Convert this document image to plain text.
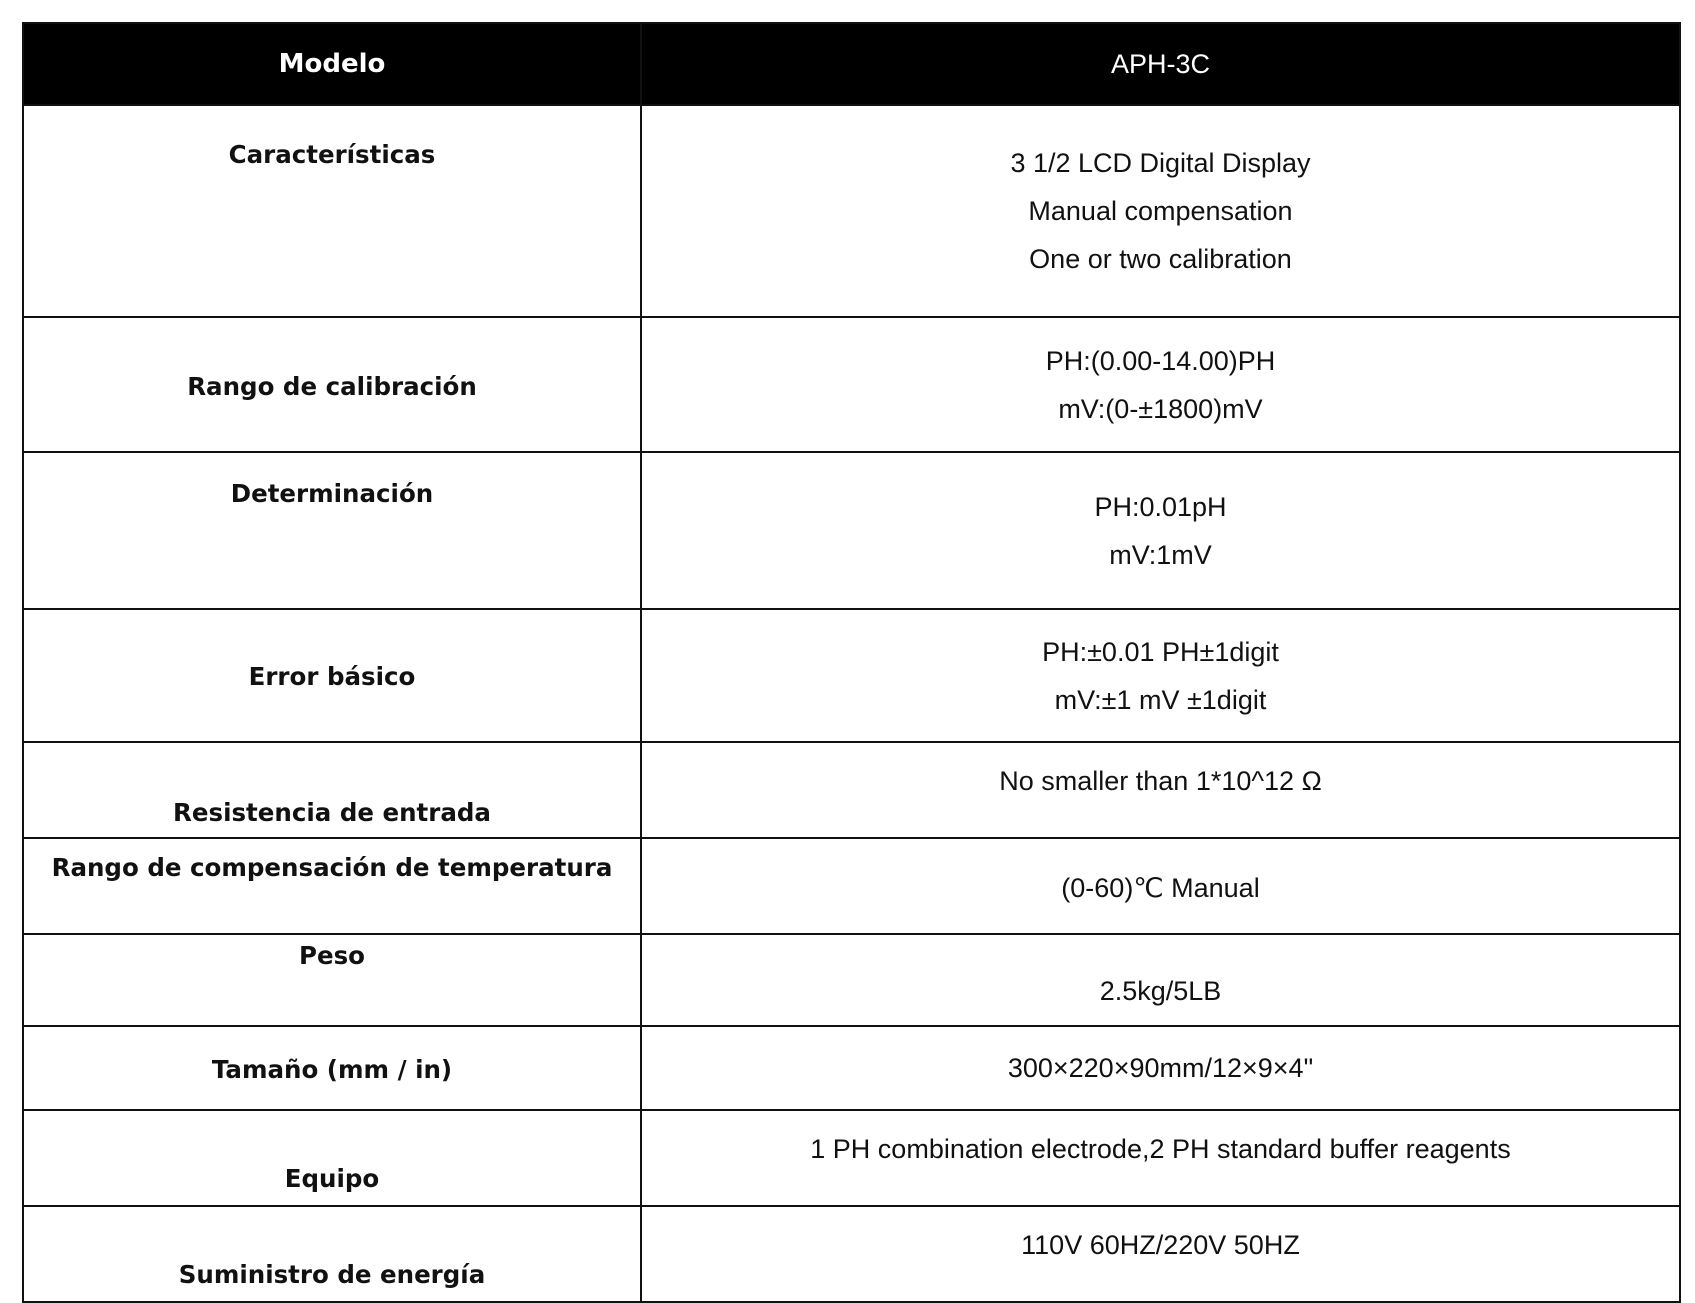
Modelo	APH-3C
Características	3 1/2 LCD Digital Display
Manual compensation
One or two calibration

Rango de calibración	PH:(0.00-14.00)PH
mV:(0-±1800)mV

Determinación	PH:0.01pH
mV:1mV

Error básico	PH:±0.01 PH±1digit
mV:±1 mV ±1digit

Resistencia de entrada	No smaller than 1*10^12 Ω

Rango de compensación de temperatura	(0-60)℃ Manual

Peso	2.5kg/5LB

Tamaño (mm / in)	300×220×90mm/12×9×4"

Equipo	1 PH combination electrode,2 PH standard buffer reagents

Suministro de energía	110V 60HZ/220V 50HZ
